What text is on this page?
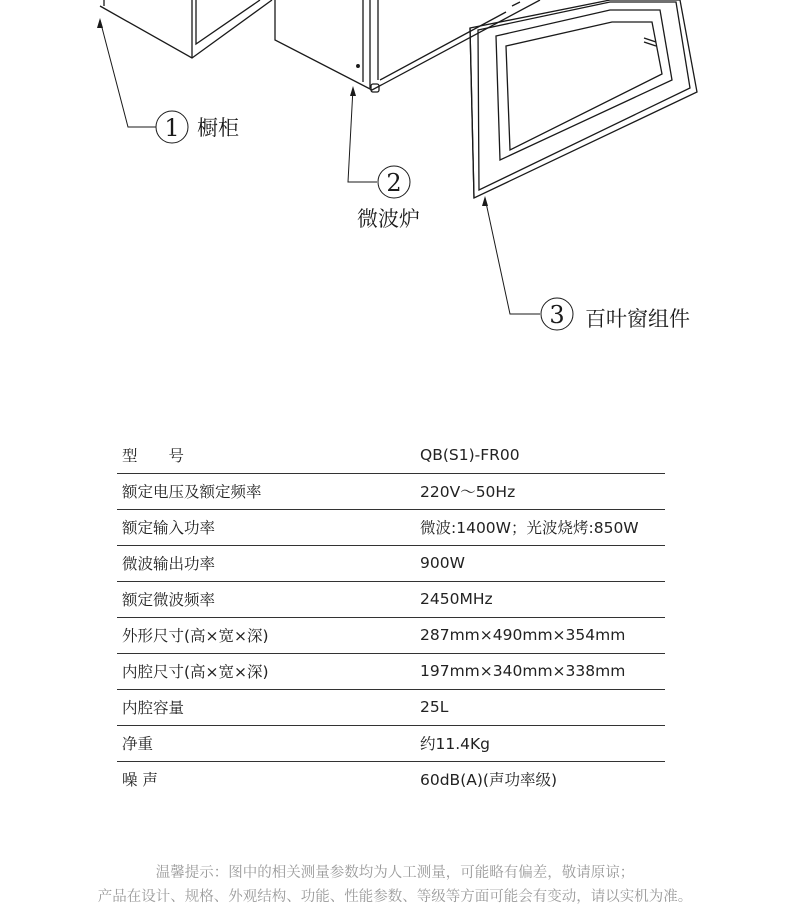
1
2
3
橱柜
微波炉
百叶窗组件
型　　号	QB(S1)-FR00
额定电压及额定频率	220V～50Hz
额定输入功率	微波:1400W；光波烧烤:850W
微波输出功率	900W
额定微波频率	2450MHz
外形尺寸(高×宽×深)	287mm×490mm×354mm
内腔尺寸(高×宽×深)	197mm×340mm×338mm
内腔容量	25L
净重	约11.4Kg
噪 声	60dB(A)(声功率级)
温馨提示：图中的相关测量参数均为人工测量，可能略有偏差，敬请原谅；
产品在设计、规格、外观结构、功能、性能参数、等级等方面可能会有变动，请以实机为准。
